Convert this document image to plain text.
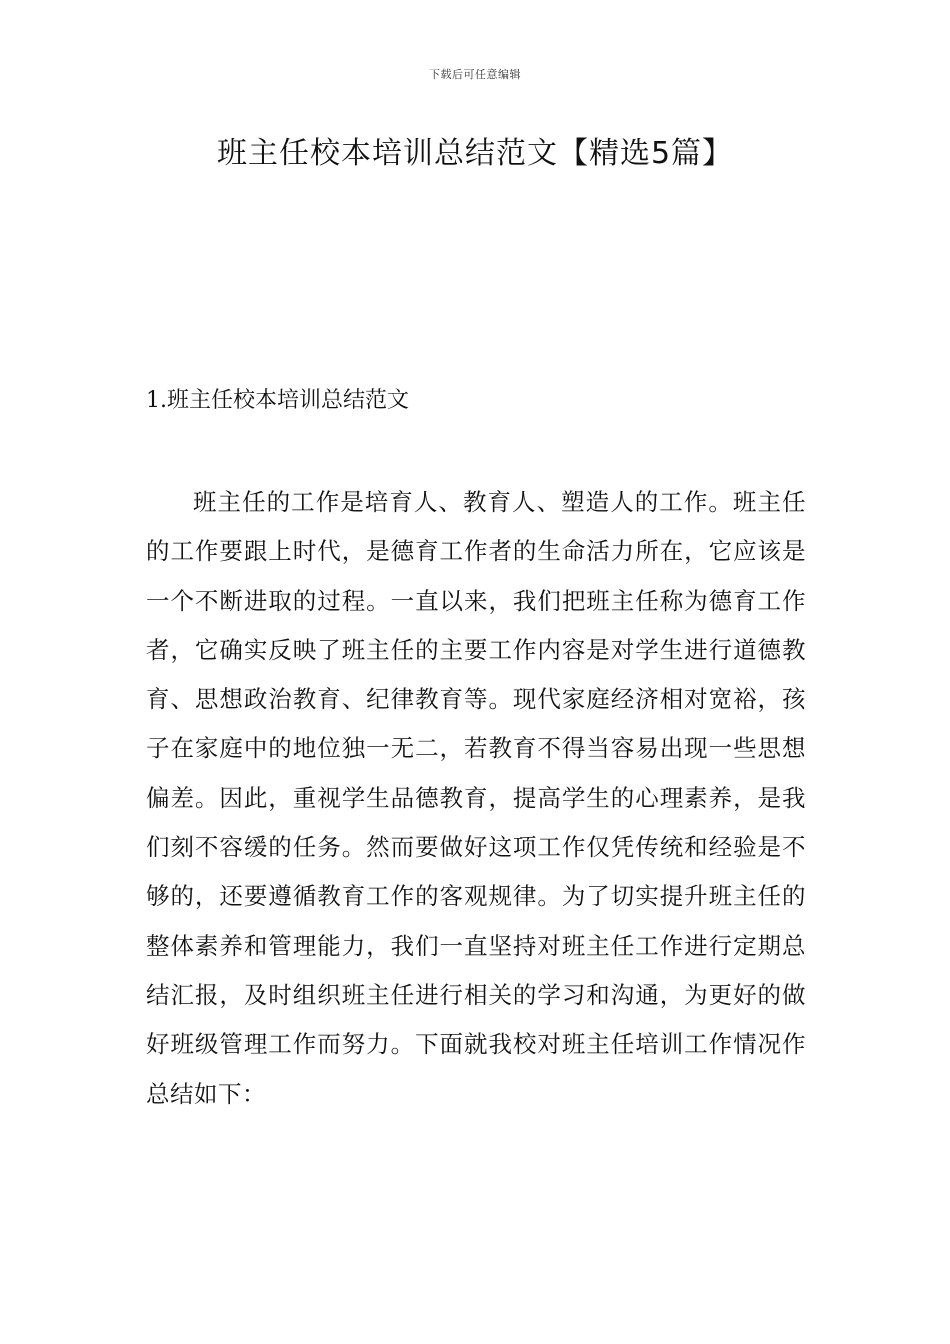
下载后可任意编辑
班主任校本培训总结范文【精选5篇】
1.班主任校本培训总结范文

班主任的工作是培育人、教育人、塑造人的工作。班主任的工作要跟上时代，是德育工作者的生命活力所在，它应该是一个不断进取的过程。一直以来，我们把班主任称为德育工作者，它确实反映了班主任的主要工作内容是对学生进行道德教育、思想政治教育、纪律教育等。现代家庭经济相对宽裕，孩子在家庭中的地位独一无二，若教育不得当容易出现一些思想偏差。因此，重视学生品德教育，提高学生的心理素养，是我们刻不容缓的任务。然而要做好这项工作仅凭传统和经验是不够的，还要遵循教育工作的客观规律。为了切实提升班主任的整体素养和管理能力，我们一直坚持对班主任工作进行定期总结汇报，及时组织班主任进行相关的学习和沟通，为更好的做好班级管理工作而努力。下面就我校对班主任培训工作情况作总结如下：
